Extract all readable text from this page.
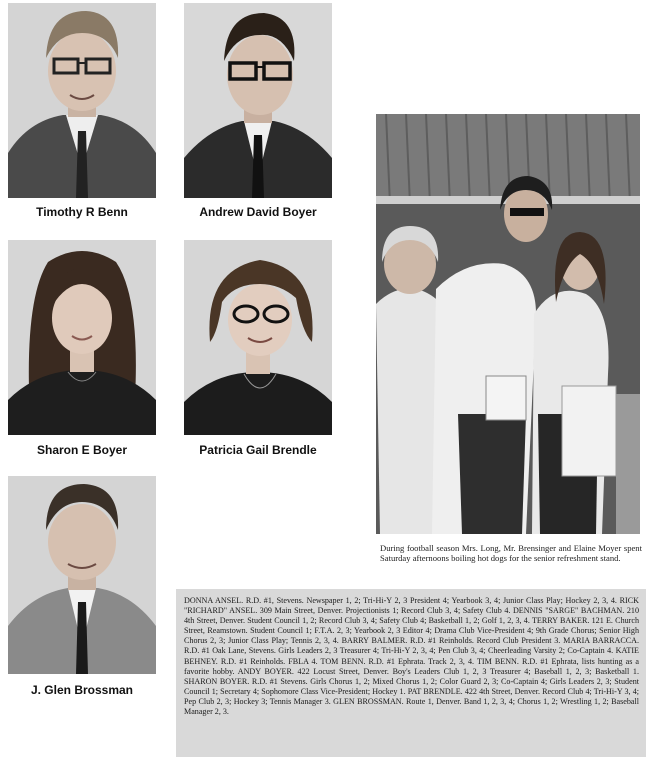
Timothy R Benn	Andrew David Boyer
Sharon E Boyer	Patricia Gail Brendle
J. Glen Brossman
During football season Mrs. Long, Mr. Brensinger and Elaine Moyer spent Saturday afternoons boiling hot dogs for the senior refreshment stand.
DONNA ANSEL. R.D. #1, Stevens. Newspaper 1, 2; Tri-Hi-Y 2, 3 President 4; Yearbook 3, 4; Junior Class Play; Hockey 2, 3, 4. RICK "RICHARD" ANSEL. 309 Main Street, Denver. Projectionists 1; Record Club 3, 4; Safety Club 4. DENNIS "SARGE" BACHMAN. 210 4th Street, Denver. Student Council 1, 2; Record Club 3, 4; Safety Club 4; Basketball 1, 2; Golf 1, 2, 3, 4. TERRY BAKER. 121 E. Church Street, Reamstown. Student Council 1; F.T.A. 2, 3; Yearbook 2, 3 Editor 4; Drama Club Vice-President 4; 9th Grade Chorus; Senior High Chorus 2, 3; Junior Class Play; Tennis 2, 3, 4. BARRY BALMER. R.D. #1 Reinholds. Record Club President 3. MARIA BARRACCA. R.D. #1 Oak Lane, Stevens. Girls Leaders 2, 3 Treasurer 4; Tri-Hi-Y 2, 3, 4; Pen Club 3, 4; Cheerleading Varsity 2; Co-Captain 4. KATIE BEHNEY. R.D. #1 Reinholds. FBLA 4. TOM BENN. R.D. #1 Ephrata. Track 2, 3, 4. TIM BENN. R.D. #1 Ephrata, lists hunting as a favorite hobby. ANDY BOYER. 422 Locust Street, Denver. Boy's Leaders Club 1, 2, 3 Treasurer 4; Baseball 1, 2, 3; Basketball 1. SHARON BOYER. R.D. #1 Stevens. Girls Chorus 1, 2; Mixed Chorus 1, 2; Color Guard 2, 3; Co-Captain 4; Girls Leaders 2, 3; Student Council 1; Secretary 4; Sophomore Class Vice-President; Hockey 1. PAT BRENDLE. 422 4th Street, Denver. Record Club 4; Tri-Hi-Y 3, 4; Pep Club 2, 3; Hockey 3; Tennis Manager 3. GLEN BROSSMAN. Route 1, Denver. Band 1, 2, 3, 4; Chorus 1, 2; Wrestling 1, 2; Baseball Manager 2, 3.
